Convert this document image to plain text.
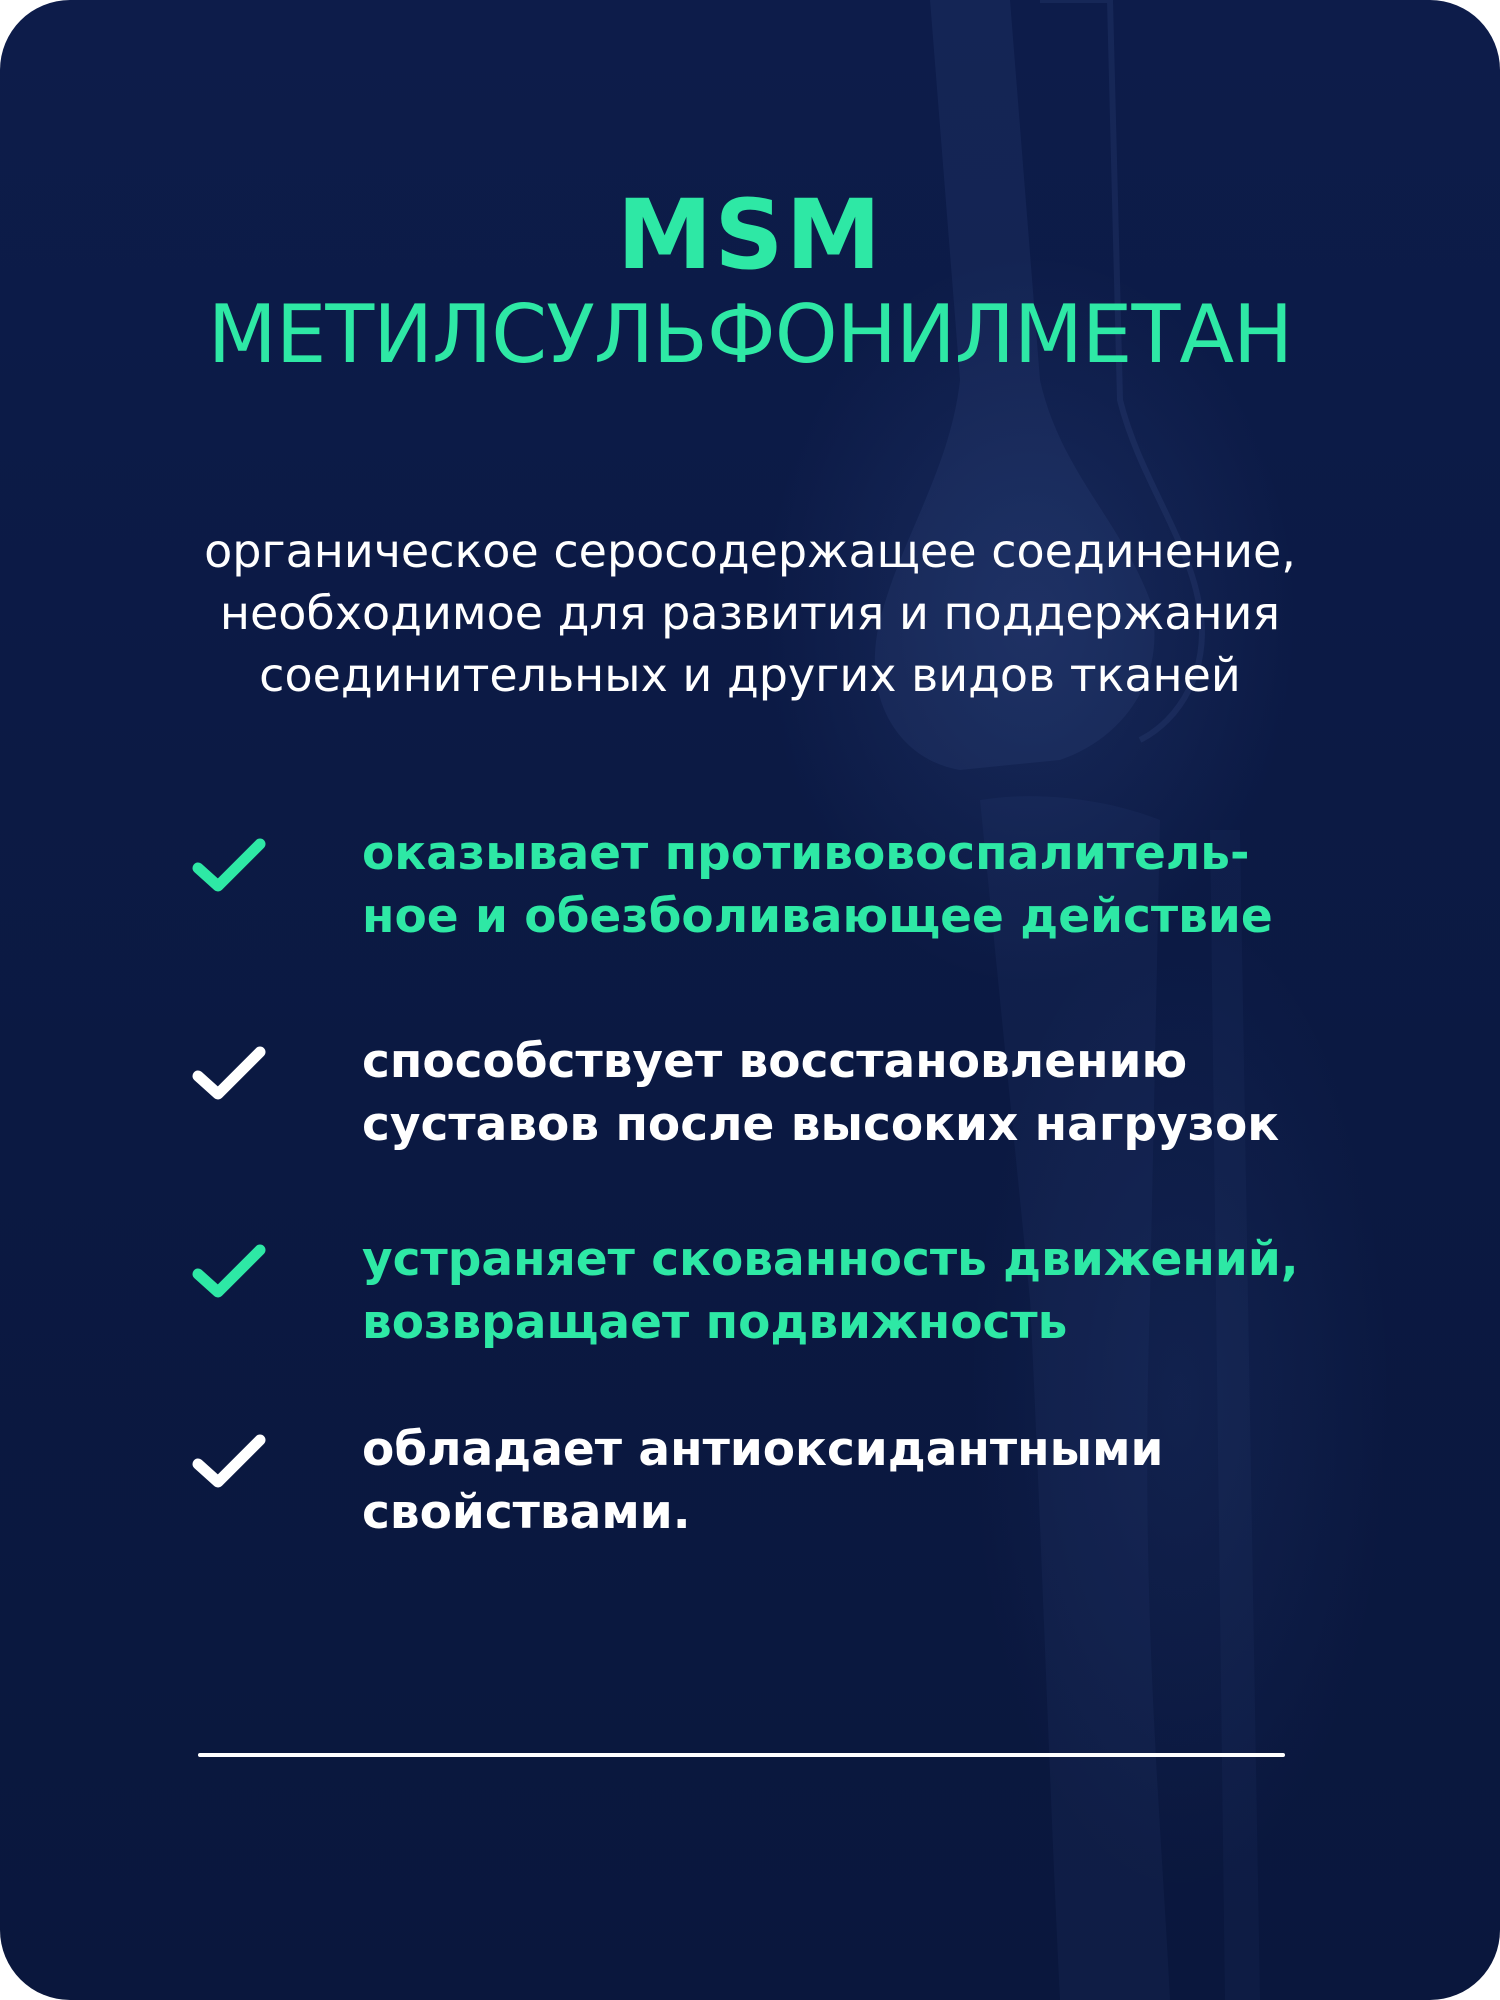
MSM
МЕТИЛСУЛЬФОНИЛМЕТАН

органическое серосодержащее соединение,
необходимое для развития и поддержания
соединительных и других видов тканей

оказывает противовоспалитель-
ное и обезболивающее действие
способствует восстановлению
суставов после высоких нагрузок
устраняет скованность движений,
возвращает подвижность
обладает антиоксидантными
свойствами.
